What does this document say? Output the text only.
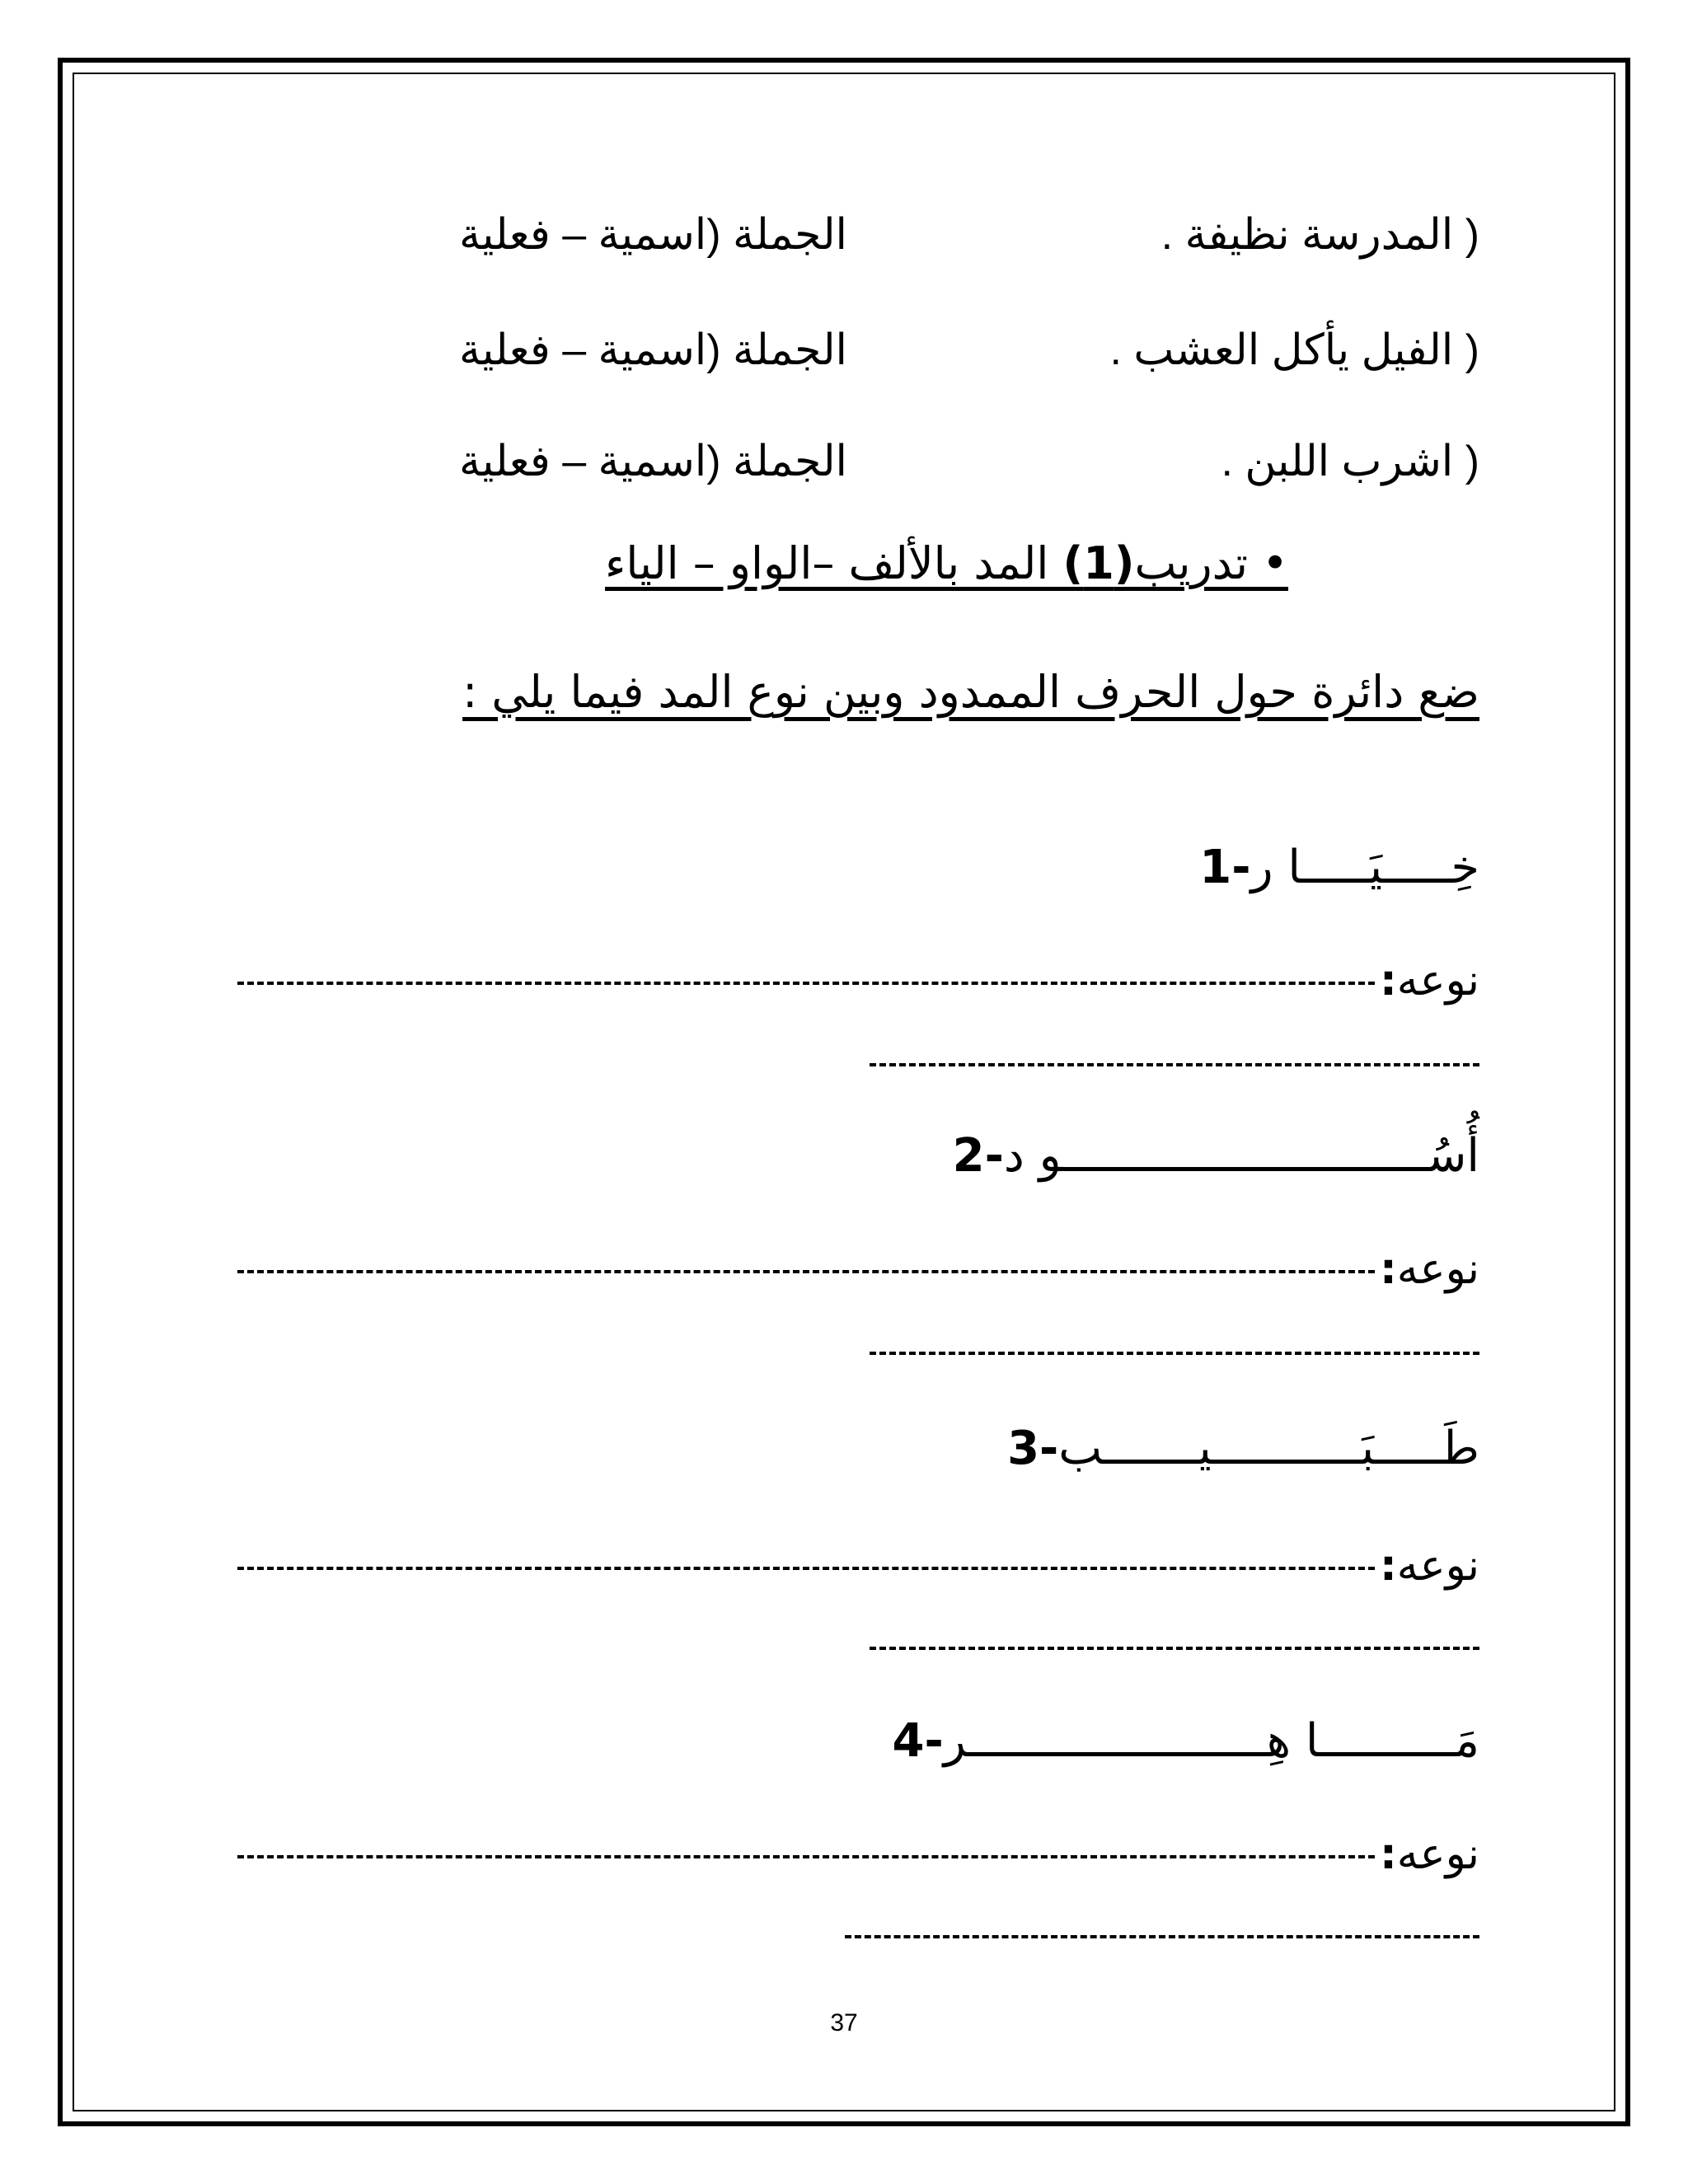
( المدرسة نظيفة .
الجملة (اسمية – فعلية
( الفيل يأكل العشب .
الجملة (اسمية – فعلية
( اشرب اللبن .
الجملة (اسمية – فعلية
• تدريب(1) المد بالألف –الواو – الياء
ضع دائرة حول الحرف الممدود وبين نوع المد فيما يلي :
خِـــــيَـــــا ر-1
نوعه:
أُسُـــــــــــــــــــــــــــو د-2
نوعه:
طَـــــبَـــــــــــيـــــــب-3
نوعه:
مَــــــــــا هِــــــــــــــــــــــر-4
نوعه:
37
